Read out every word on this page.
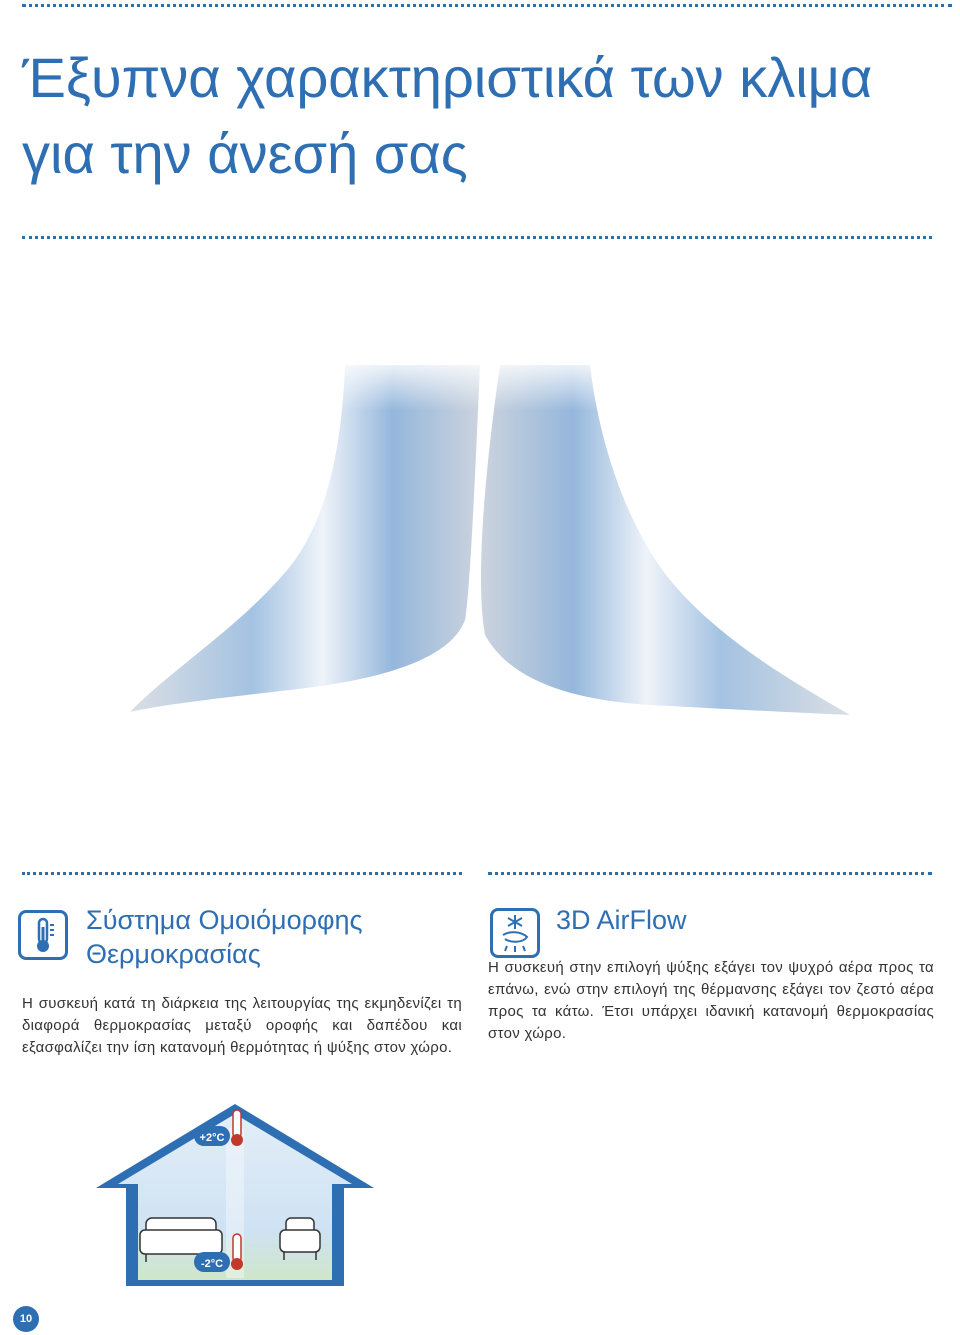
Έξυπνα χαρακτηριστικά των κλιμα
για την άνεσή σας
Σύστημα Ομοιόμορφης
Θερμοκρασίας
Η συσκευή κατά τη διάρκεια της λειτουργίας της εκμηδενίζει τη διαφορά θερμοκρασίας μεταξύ οροφής και δαπέδου και εξασφαλίζει την ίση κατανομή θερμότητας ή ψύξης στον χώρο.
3D AirFlow
Η συσκευή στην επιλογή ψύξης εξάγει τον ψυχρό αέρα προς τα επάνω, ενώ στην επιλογή της θέρμανσης εξάγει τον ζεστό αέρα προς τα κάτω. Έτσι υπάρχει ιδανική κατανομή θερμοκρασίας στον χώρο.
+2°C
-2°C
10
